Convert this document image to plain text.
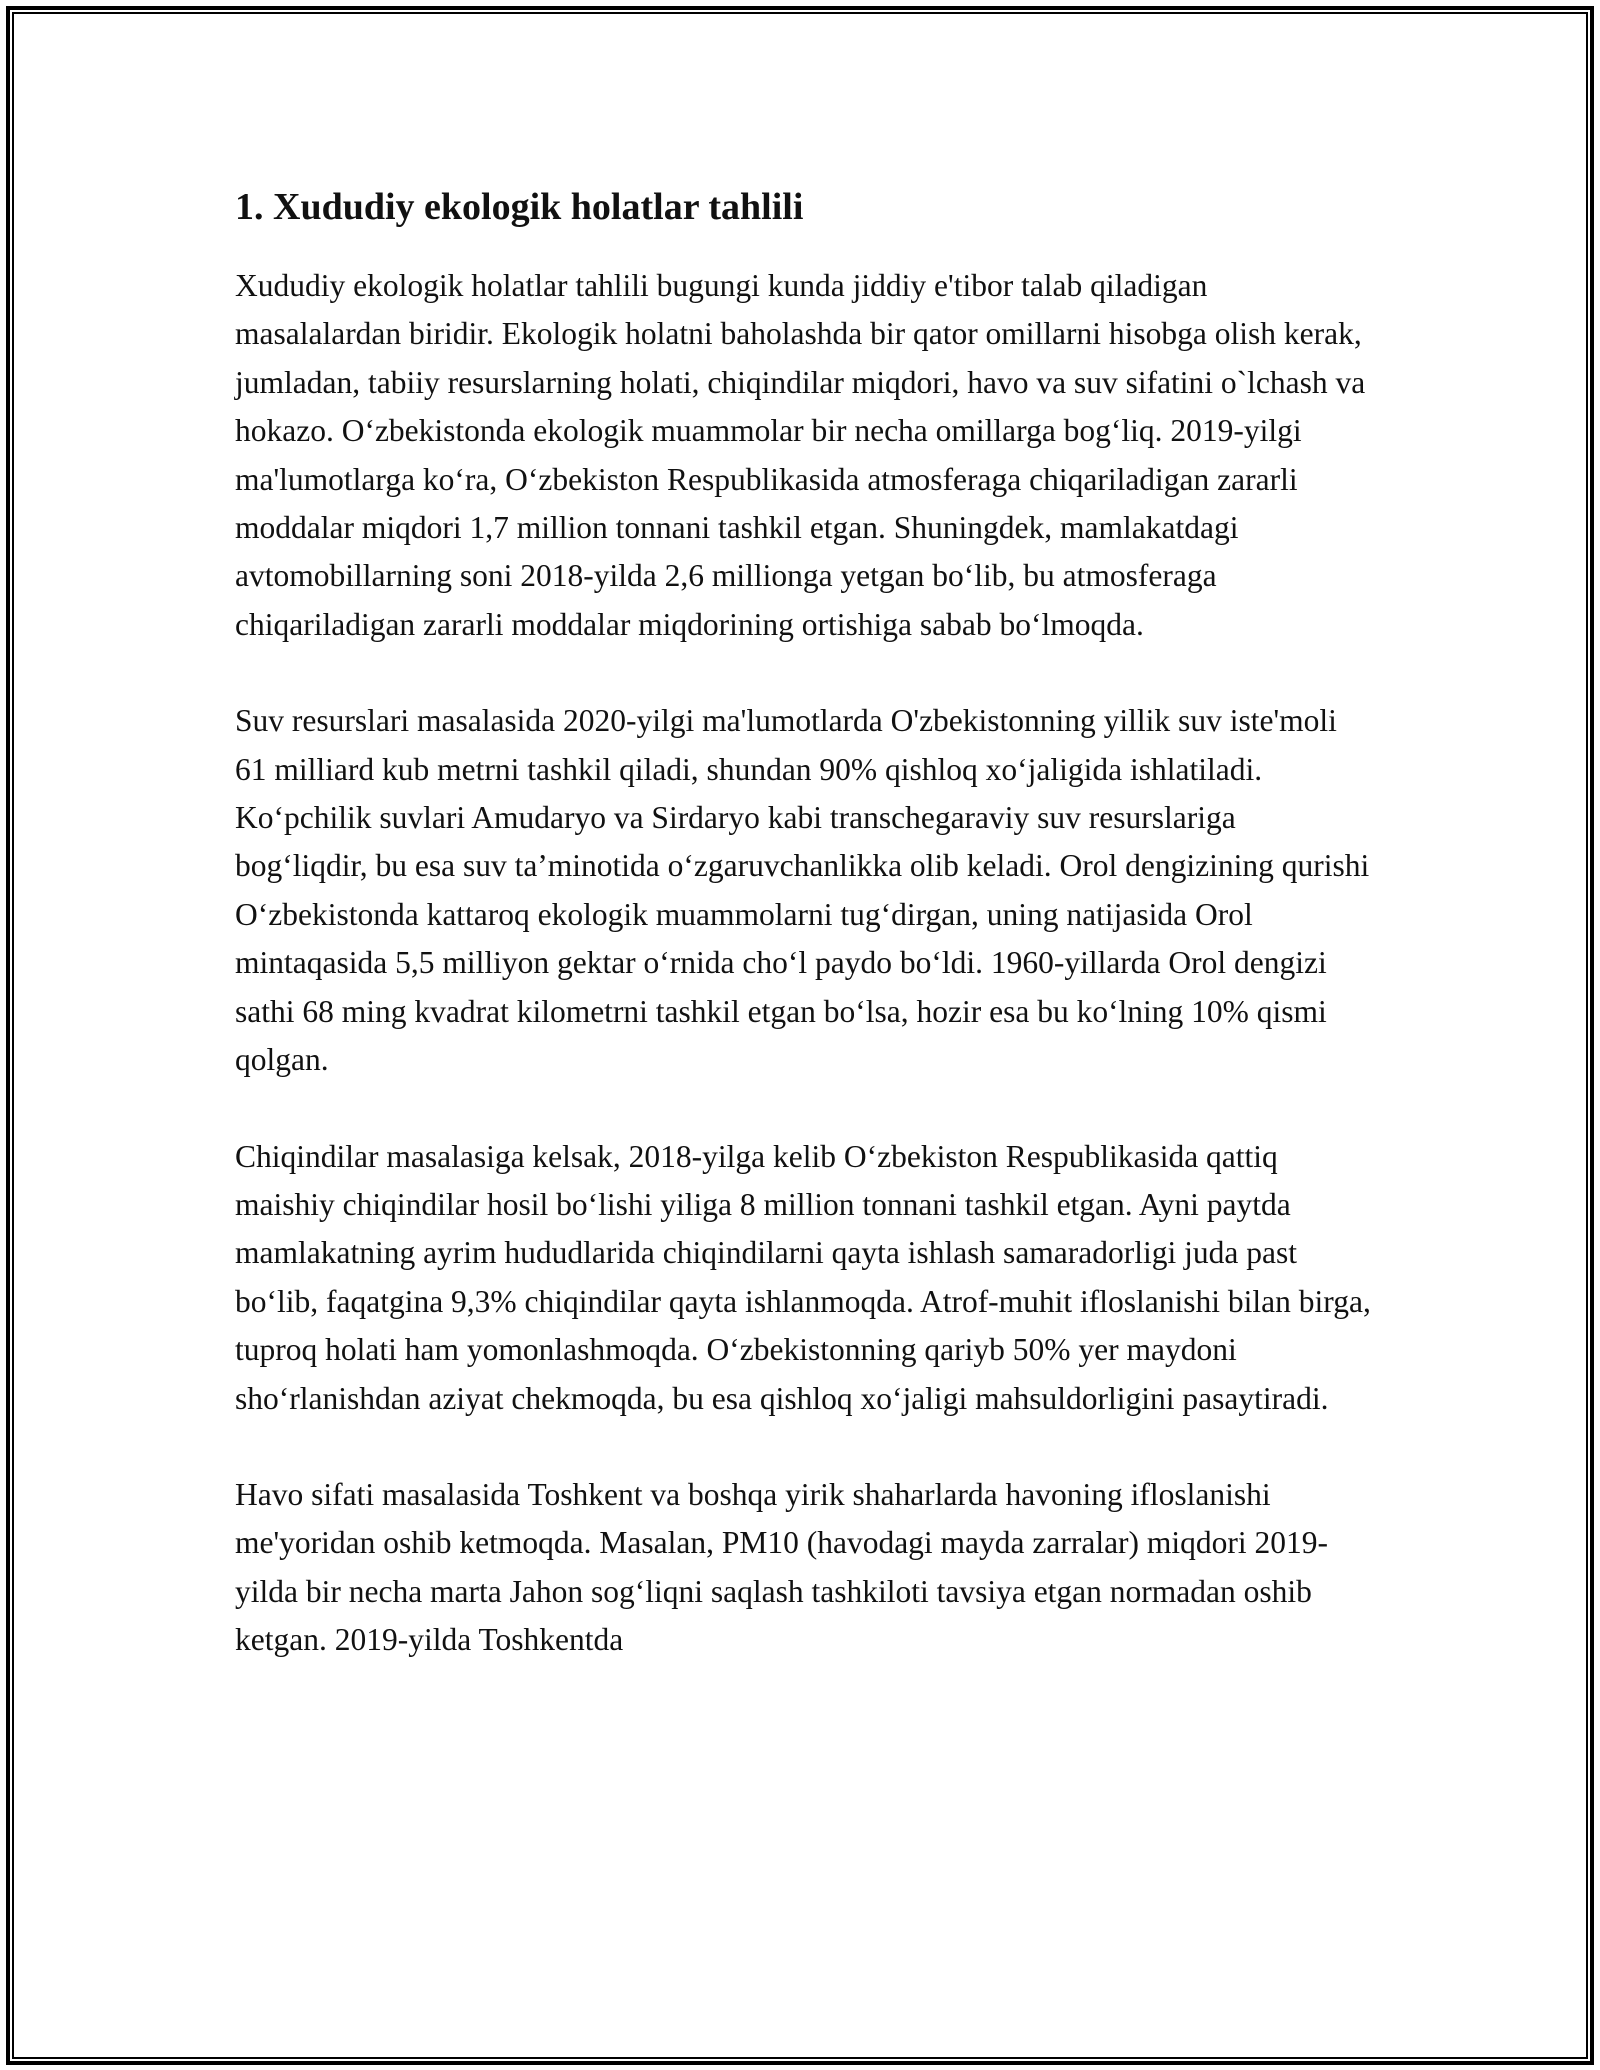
1. Xududiy ekologik holatlar tahlili

Xududiy ekologik holatlar tahlili bugungi kunda jiddiy e'tibor talab qiladigan masalalardan biridir. Ekologik holatni baholashda bir qator omillarni hisobga olish kerak, jumladan, tabiiy resurslarning holati, chiqindilar miqdori, havo va suv sifatini o`lchash va hokazo. O‘zbekistonda ekologik muammolar bir necha omillarga bog‘liq. 2019-yilgi ma'lumotlarga ko‘ra, O‘zbekiston Respublikasida atmosferaga chiqariladigan zararli moddalar miqdori 1,7 million tonnani tashkil etgan. Shuningdek, mamlakatdagi avtomobillarning soni 2018-yilda 2,6 millionga yetgan bo‘lib, bu atmosferaga chiqariladigan zararli moddalar miqdorining ortishiga sabab bo‘lmoqda.

Suv resurslari masalasida 2020-yilgi ma'lumotlarda O'zbekistonning yillik suv iste'moli 61 milliard kub metrni tashkil qiladi, shundan 90% qishloq xo‘jaligida ishlatiladi. Ko‘pchilik suvlari Amudaryo va Sirdaryo kabi transchegaraviy suv resurslariga bog‘liqdir, bu esa suv ta’minotida o‘zgaruvchanlikka olib keladi. Orol dengizining qurishi O‘zbekistonda kattaroq ekologik muammolarni tug‘dirgan, uning natijasida Orol mintaqasida 5,5 milliyon gektar o‘rnida cho‘l paydo bo‘ldi. 1960-yillarda Orol dengizi sathi 68 ming kvadrat kilometrni tashkil etgan bo‘lsa, hozir esa bu ko‘lning 10% qismi qolgan.

Chiqindilar masalasiga kelsak, 2018-yilga kelib O‘zbekiston Respublikasida qattiq maishiy chiqindilar hosil bo‘lishi yiliga 8 million tonnani tashkil etgan. Ayni paytda mamlakatning ayrim hududlarida chiqindilarni qayta ishlash samaradorligi juda past bo‘lib, faqatgina 9,3% chiqindilar qayta ishlanmoqda. Atrof-muhit ifloslanishi bilan birga, tuproq holati ham yomonlashmoqda. O‘zbekistonning qariyb 50% yer maydoni sho‘rlanishdan aziyat chekmoqda, bu esa qishloq xo‘jaligi mahsuldorligini pasaytiradi.

Havo sifati masalasida Toshkent va boshqa yirik shaharlarda havoning ifloslanishi me'yoridan oshib ketmoqda. Masalan, PM10 (havodagi mayda zarralar) miqdori 2019-yilda bir necha marta Jahon sog‘liqni saqlash tashkiloti tavsiya etgan normadan oshib ketgan. 2019-yilda Toshkentda
